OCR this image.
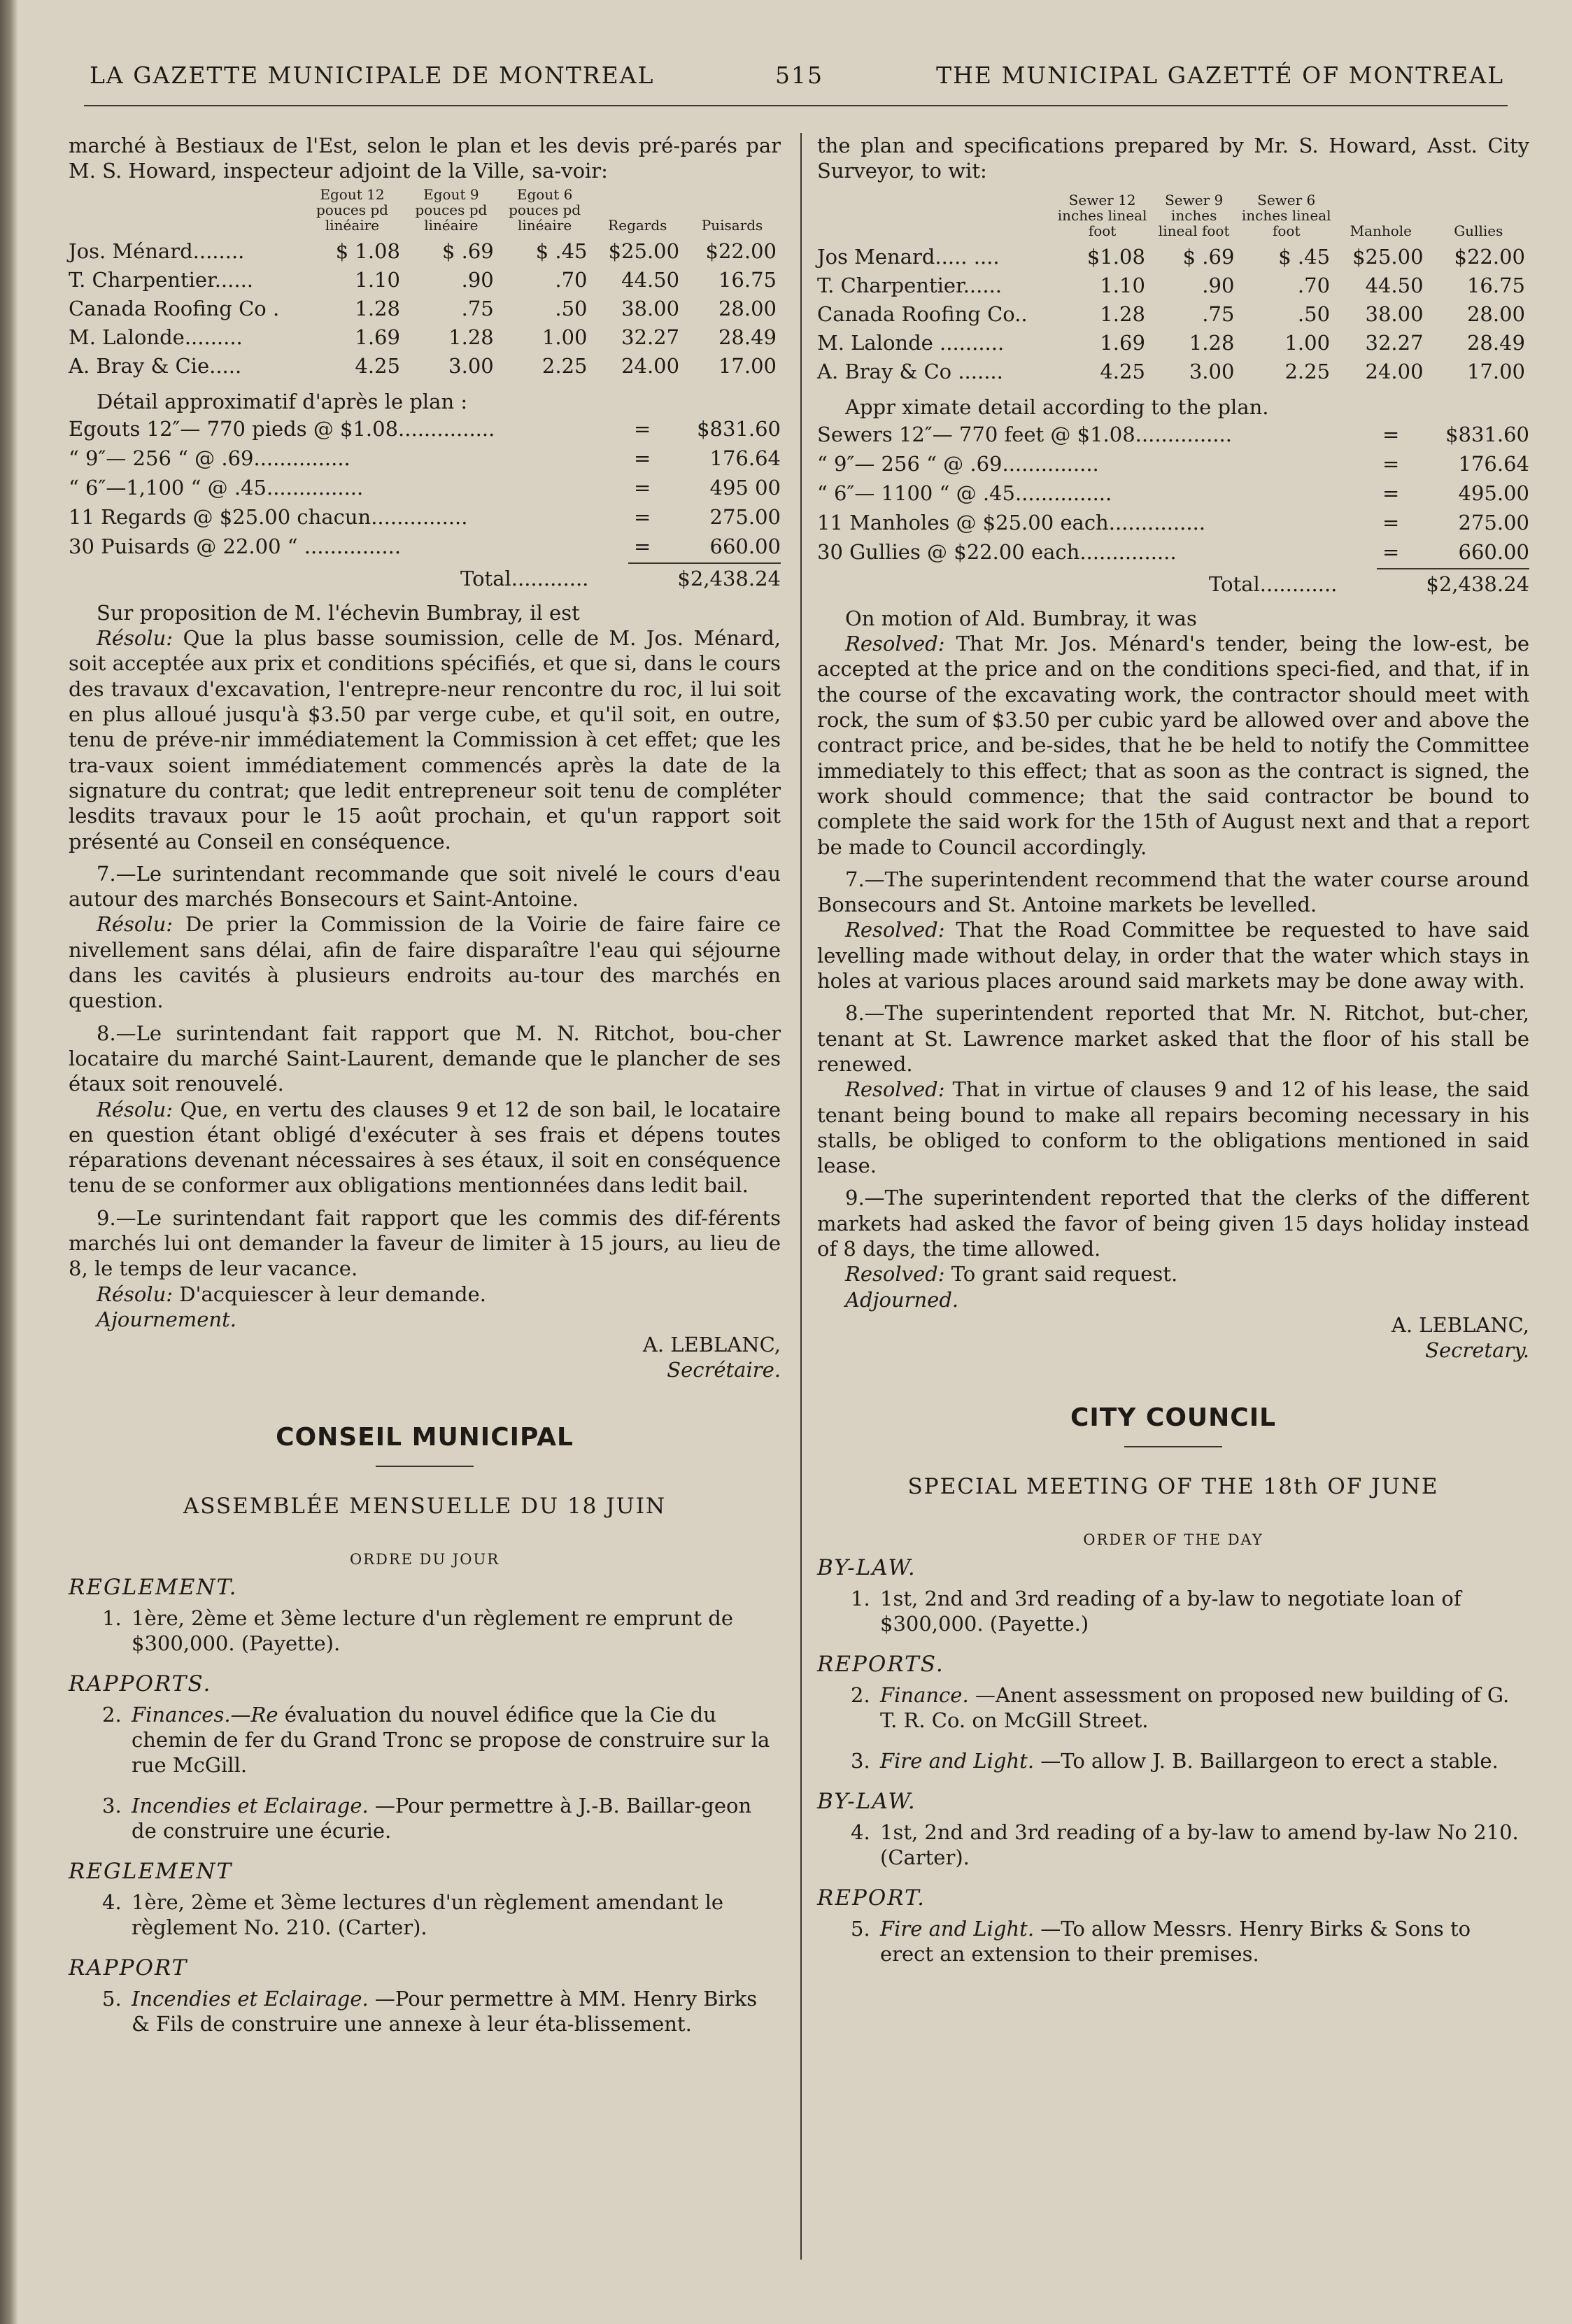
LA GAZETTE MUNICIPALE DE MONTREAL	515	THE MUNICIPAL GAZETTÉ OF MONTREAL

marché à Bestiaux de l'Est, selon le plan et les devis pré-parés par M. S. Howard, inspecteur adjoint de la Ville, sa-voir:

	Egout 12 pouces pd linéaire	Egout 9 pouces pd linéaire	Egout 6 pouces pd linéaire	Regards	Puisards
Jos. Ménard........	$ 1.08	$ .69	$ .45	$25.00	$22.00
T. Charpentier......	1.10	.90	.70	44.50	16.75
Canada Roofing Co .	1.28	.75	.50	38.00	28.00
M. Lalonde.........	1.69	1.28	1.00	32.27	28.49
A. Bray & Cie.....	4.25	3.00	2.25	24.00	17.00

Détail approximatif d'après le plan :

Egouts 12″— 770 pieds @ $1.08...............	= $831.60
“ 9″— 256 “ @ .69...............	=	176.64
“ 6″—1,100 “ @ .45...............	=	495 00
11 Regards @ $25.00 chacun...............	=	275.00
30 Puisards @ 22.00 “ ...............	=	660.00
Total............	$2,438.24

Sur proposition de M. l'échevin Bumbray, il est

Résolu: Que la plus basse soumission, celle de M. Jos. Ménard, soit acceptée aux prix et conditions spécifiés, et que si, dans le cours des travaux d'excavation, l'entrepre-neur rencontre du roc, il lui soit en plus alloué jusqu'à $3.50 par verge cube, et qu'il soit, en outre, tenu de préve-nir immédiatement la Commission à cet effet; que les tra-vaux soient immédiatement commencés après la date de la signature du contrat; que ledit entrepreneur soit tenu de compléter lesdits travaux pour le 15 août prochain, et qu'un rapport soit présenté au Conseil en conséquence.

7.—Le surintendant recommande que soit nivelé le cours d'eau autour des marchés Bonsecours et Saint-Antoine.

Résolu: De prier la Commission de la Voirie de faire faire ce nivellement sans délai, afin de faire disparaître l'eau qui séjourne dans les cavités à plusieurs endroits au-tour des marchés en question.

8.—Le surintendant fait rapport que M. N. Ritchot, bou-cher locataire du marché Saint-Laurent, demande que le plancher de ses étaux soit renouvelé.

Résolu: Que, en vertu des clauses 9 et 12 de son bail, le locataire en question étant obligé d'exécuter à ses frais et dépens toutes réparations devenant nécessaires à ses étaux, il soit en conséquence tenu de se conformer aux obligations mentionnées dans ledit bail.

9.—Le surintendant fait rapport que les commis des dif-férents marchés lui ont demander la faveur de limiter à 15 jours, au lieu de 8, le temps de leur vacance.

Résolu: D'acquiescer à leur demande.

Ajournement.

A. LEBLANC,

Secrétaire.

CONSEIL MUNICIPAL

ASSEMBLÉE MENSUELLE DU 18 JUIN

ORDRE DU JOUR

REGLEMENT.

1. 1ère, 2ème et 3ème lecture d'un règlement re emprunt de $300,000. (Payette).

RAPPORTS.

2. Finances.—Re évaluation du nouvel édifice que la Cie du chemin de fer du Grand Tronc se propose de construire sur la rue McGill.

3. Incendies et Eclairage. —Pour permettre à J.-B. Baillar-geon de construire une écurie.

REGLEMENT

4. 1ère, 2ème et 3ème lectures d'un règlement amendant le règlement No. 210. (Carter).

RAPPORT

5. Incendies et Eclairage. —Pour permettre à MM. Henry Birks & Fils de construire une annexe à leur éta-blissement.

the plan and specifications prepared by Mr. S. Howard, Asst. City Surveyor, to wit:

	Sewer 12 inches lineal foot	Sewer 9 inches lineal foot	Sewer 6 inches lineal foot	Manhole	Gullies
Jos Menard..... ....	$1.08	$ .69	$ .45	$25.00	$22.00
T. Charpentier......	1.10	.90	.70	44.50	16.75
Canada Roofing Co..	1.28	.75	.50	38.00	28.00
M. Lalonde ..........	1.69	1.28	1.00	32.27	28.49
A. Bray & Co .......	4.25	3.00	2.25	24.00	17.00

Appr ximate detail according to the plan.

Sewers 12″— 770 feet @ $1.08...............	= $831.60
“ 9″— 256 “ @ .69...............	=	176.64
“ 6″— 1100 “ @ .45...............	=	495.00
11 Manholes @ $25.00 each...............	=	275.00
30 Gullies @ $22.00 each...............	=	660.00
Total............	$2,438.24

On motion of Ald. Bumbray, it was

Resolved: That Mr. Jos. Ménard's tender, being the low-est, be accepted at the price and on the conditions speci-fied, and that, if in the course of the excavating work, the contractor should meet with rock, the sum of $3.50 per cubic yard be allowed over and above the contract price, and be-sides, that he be held to notify the Committee immediately to this effect; that as soon as the contract is signed, the work should commence; that the said contractor be bound to complete the said work for the 15th of August next and that a report be made to Council accordingly.

7.—The superintendent recommend that the water course around Bonsecours and St. Antoine markets be levelled.

Resolved: That the Road Committee be requested to have said levelling made without delay, in order that the water which stays in holes at various places around said markets may be done away with.

8.—The superintendent reported that Mr. N. Ritchot, but-cher, tenant at St. Lawrence market asked that the floor of his stall be renewed.

Resolved: That in virtue of clauses 9 and 12 of his lease, the said tenant being bound to make all repairs becoming necessary in his stalls, be obliged to conform to the obligations mentioned in said lease.

9.—The superintendent reported that the clerks of the different markets had asked the favor of being given 15 days holiday instead of 8 days, the time allowed.

Resolved: To grant said request.

Adjourned.

A. LEBLANC,

Secretary.

CITY COUNCIL

SPECIAL MEETING OF THE 18th OF JUNE

ORDER OF THE DAY

BY-LAW.

1. 1st, 2nd and 3rd reading of a by-law to negotiate loan of $300,000. (Payette.)

REPORTS.

2. Finance. —Anent assessment on proposed new building of G. T. R. Co. on McGill Street.

3. Fire and Light. —To allow J. B. Baillargeon to erect a stable.

BY-LAW.

4. 1st, 2nd and 3rd reading of a by-law to amend by-law No 210. (Carter).

REPORT.

5. Fire and Light. —To allow Messrs. Henry Birks & Sons to erect an extension to their premises.
